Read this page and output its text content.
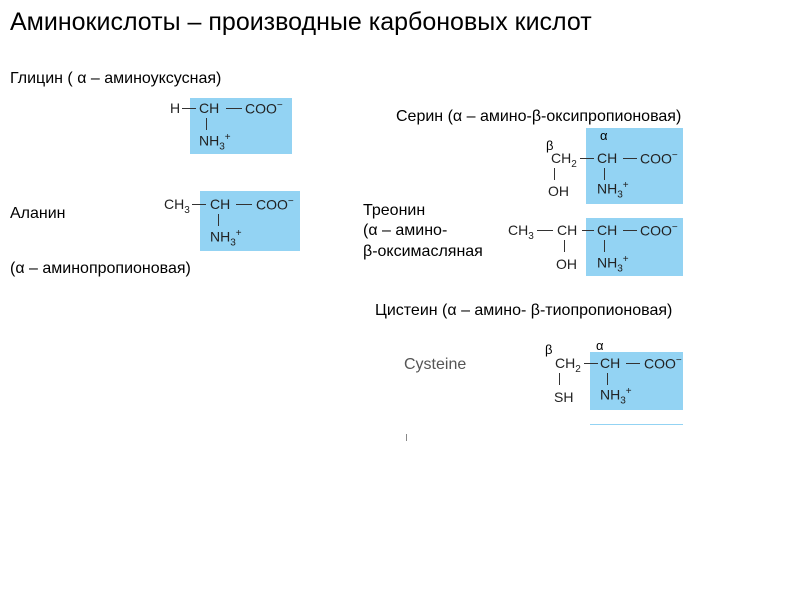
Аминокислоты – производные карбоновых кислот
Глицин ( α – аминоуксусная)
H CH COO−
$NH_3^+$
Аланин
(α – аминопропионовая)
$CH_3$ CH COO−
$NH_3^+$
Серин (α – амино-β-оксипропионовая)
β
α
$CH_2$ CH COO−
OH $NH_3^+$
Треонин
(α – амино-
β-оксимасляная
$CH_3$ CH CH COO−
OH $NH_3^+$
Цистеин (α – амино- β-тиопропионовая)
Cysteine
β	α
$CH_2$ CH COO−
SH $NH_3^+$
